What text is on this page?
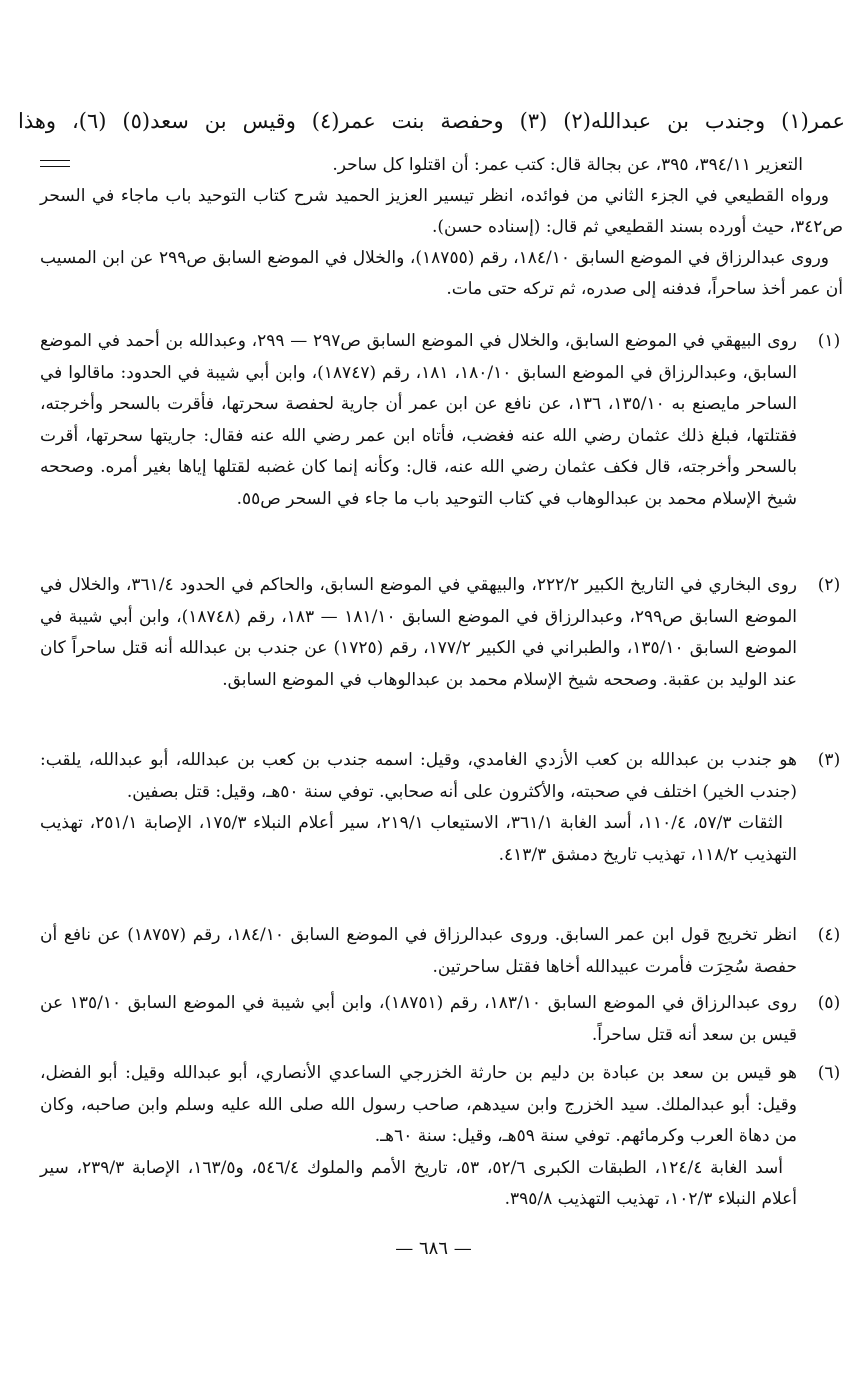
عمر(١) وجندب بن عبدالله(٢) (٣) وحفصة بنت عمر(٤) وقيس بن سعد(٥) (٦)، وهذا
التعزير ٣٩٤/١١، ٣٩٥، عن بجالة قال: كتب عمر: أن اقتلوا كل ساحر.
ورواه القطيعي في الجزء الثاني من فوائده، انظر تيسير العزيز الحميد شرح كتاب التوحيد باب ماجاء في السحر ص٣٤٢، حيث أورده بسند القطيعي ثم قال: (إسناده حسن).
وروى عبدالرزاق في الموضع السابق ١٨٤/١٠، رقم (١٨٧٥٥)، والخلال في الموضع السابق ص٢٩٩ عن ابن المسيب أن عمر أخذ ساحراً، فدفنه إلى صدره، ثم تركه حتى مات.
(١)
روى البيهقي في الموضع السابق، والخلال في الموضع السابق ص٢٩٧ — ٢٩٩، وعبدالله بن أحمد في الموضع السابق، وعبدالرزاق في الموضع السابق ١٨٠/١٠، ١٨١، رقم (١٨٧٤٧)، وابن أبي شيبة في الحدود: ماقالوا في الساحر مايصنع به ١٣٥/١٠، ١٣٦، عن نافع عن ابن عمر أن جارية لحفصة سحرتها، فأقرت بالسحر وأخرجته، فقتلتها، فبلغ ذلك عثمان رضي الله عنه فغضب، فأتاه ابن عمر رضي الله عنه فقال: جاريتها سحرتها، أقرت بالسحر وأخرجته، قال فكف عثمان رضي الله عنه، قال: وكأنه إنما كان غضبه لقتلها إياها بغير أمره. وصححه شيخ الإسلام محمد بن عبدالوهاب في كتاب التوحيد باب ما جاء في السحر ص٥٥.
(٢)
روى البخاري في التاريخ الكبير ٢٢٢/٢، والبيهقي في الموضع السابق، والحاكم في الحدود ٣٦١/٤، والخلال في الموضع السابق ص٢٩٩، وعبدالرزاق في الموضع السابق ١٨١/١٠ — ١٨٣، رقم (١٨٧٤٨)، وابن أبي شيبة في الموضع السابق ١٣٥/١٠، والطبراني في الكبير ١٧٧/٢، رقم (١٧٢٥) عن جندب بن عبدالله أنه قتل ساحراً كان عند الوليد بن عقبة. وصححه شيخ الإسلام محمد بن عبدالوهاب في الموضع السابق.
(٣)
هو جندب بن عبدالله بن كعب الأزدي الغامدي، وقيل: اسمه جندب بن كعب بن عبدالله، أبو عبدالله، يلقب: (جندب الخير) اختلف في صحبته، والأكثرون على أنه صحابي. توفي سنة ٥٠هـ، وقيل: قتل بصفين.
الثقات ٥٧/٣، ١١٠/٤، أسد الغابة ٣٦١/١، الاستيعاب ٢١٩/١، سير أعلام النبلاء ١٧٥/٣، الإصابة ٢٥١/١، تهذيب التهذيب ١١٨/٢، تهذيب تاريخ دمشق ٤١٣/٣.
(٤)
انظر تخريج قول ابن عمر السابق. وروى عبدالرزاق في الموضع السابق ١٨٤/١٠، رقم (١٨٧٥٧) عن نافع أن حفصة سُحِرَت فأمرت عبيدالله أخاها فقتل ساحرتين.
(٥)
روى عبدالرزاق في الموضع السابق ١٨٣/١٠، رقم (١٨٧٥١)، وابن أبي شيبة في الموضع السابق ١٣٥/١٠ عن قيس بن سعد أنه قتل ساحراً.
(٦)
هو قيس بن سعد بن عبادة بن دليم بن حارثة الخزرجي الساعدي الأنصاري، أبو عبدالله وقيل: أبو الفضل، وقيل: أبو عبدالملك. سيد الخزرج وابن سيدهم، صاحب رسول الله صلى الله عليه وسلم وابن صاحبه، وكان من دهاة العرب وكرمائهم. توفي سنة ٥٩هـ، وقيل: سنة ٦٠هـ.
أسد الغابة ١٢٤/٤، الطبقات الكبرى ٥٢/٦، ٥٣، تاريخ الأمم والملوك ٥٤٦/٤، و١٦٣/٥، الإصابة ٢٣٩/٣، سير أعلام النبلاء ١٠٢/٣، تهذيب التهذيب ٣٩٥/٨.
— ٦٨٦ —
